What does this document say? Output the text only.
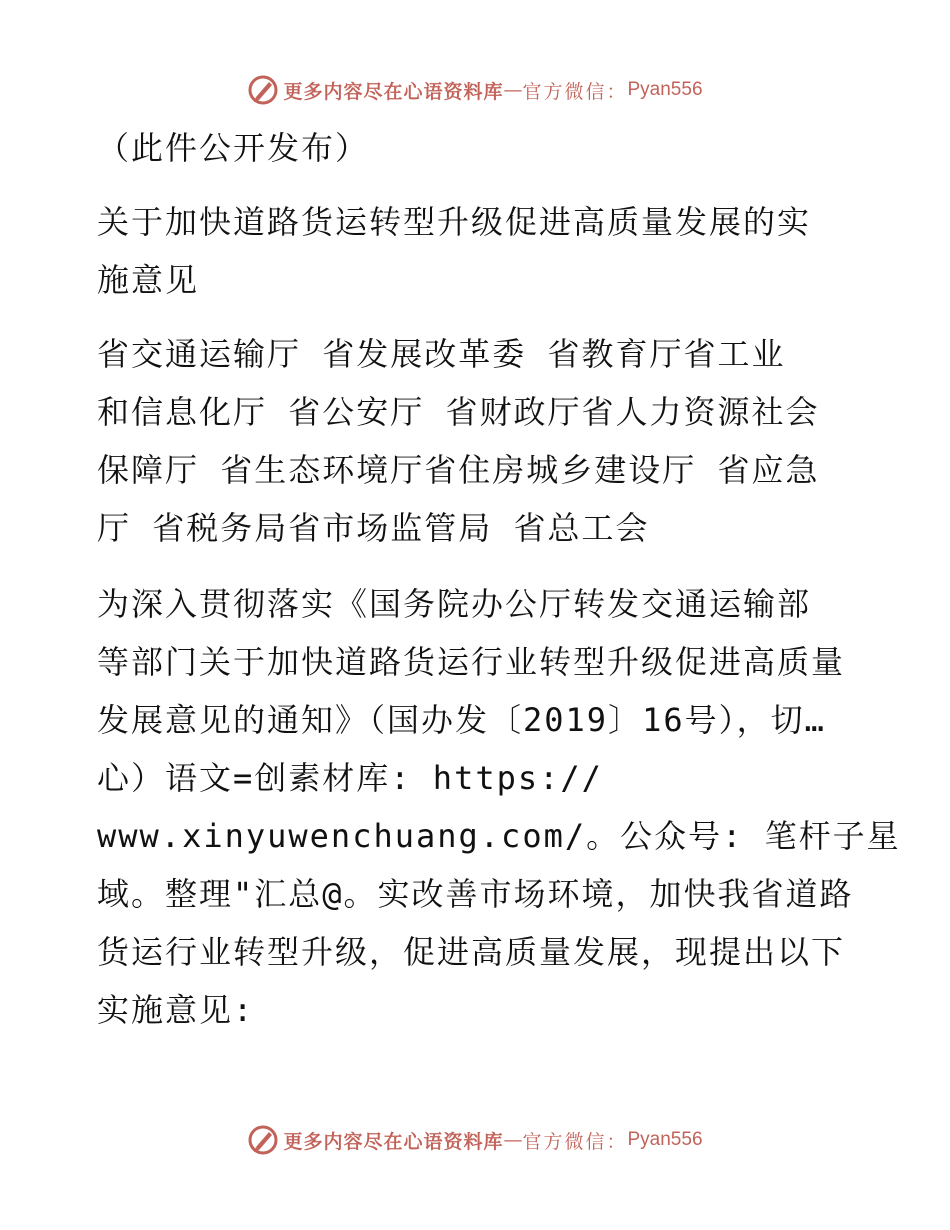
更多内容尽在心语资料库 — 官方微信： Pyan556
（此件公开发布）
关于加快道路货运转型升级促进高质量发展的实
施意见
省交通运输厅 省发展改革委 省教育厅省工业
和信息化厅 省公安厅 省财政厅省人力资源社会
保障厅 省生态环境厅省住房城乡建设厅 省应急
厅 省税务局省市场监管局 省总工会
为深入贯彻落实《国务院办公厅转发交通运输部
等部门关于加快道路货运行业转型升级促进高质量
发展意见的通知》（国办发〔2019〕16号），切…
心）语文=创素材库: https://
www.xinyuwenchuang.com/。公众号: 笔杆子星
域。整理"汇总@。实改善市场环境，加快我省道路
货运行业转型升级，促进高质量发展，现提出以下
实施意见:
更多内容尽在心语资料库 — 官方微信： Pyan556
